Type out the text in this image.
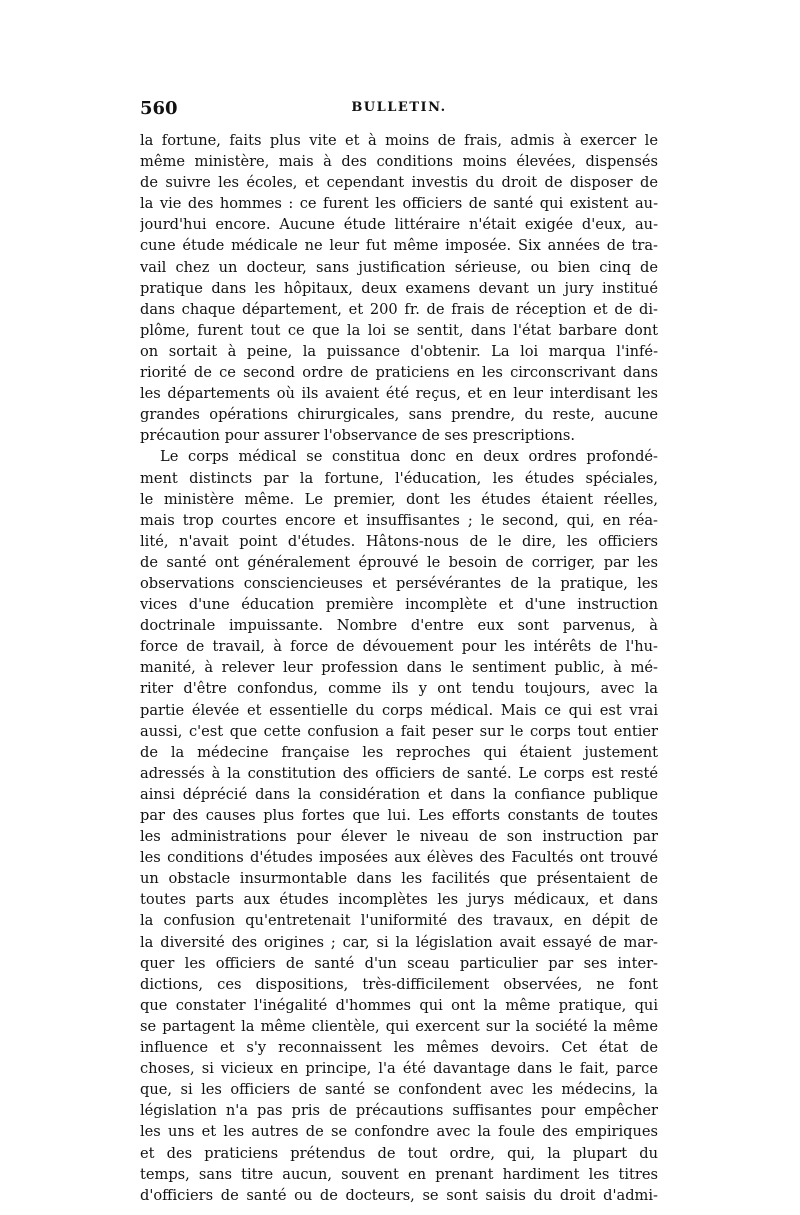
560	BULLETIN.
la fortune, faits plus vite et à moins de frais, admis à exercer le
même ministère, mais à des conditions moins élevées, dispensés
de suivre les écoles, et cependant investis du droit de disposer de
la vie des hommes : ce furent les officiers de santé qui existent au-
jourd'hui encore. Aucune étude littéraire n'était exigée d'eux, au-
cune étude médicale ne leur fut même imposée. Six années de tra-
vail chez un docteur, sans justification sérieuse, ou bien cinq de
pratique dans les hôpitaux, deux examens devant un jury institué
dans chaque département, et 200 fr. de frais de réception et de di-
plôme, furent tout ce que la loi se sentit, dans l'état barbare dont
on sortait à peine, la puissance d'obtenir. La loi marqua l'infé-
riorité de ce second ordre de praticiens en les circonscrivant dans
les départements où ils avaient été reçus, et en leur interdisant les
grandes opérations chirurgicales, sans prendre, du reste, aucune
précaution pour assurer l'observance de ses prescriptions.
Le corps médical se constitua donc en deux ordres profondé-
ment distincts par la fortune, l'éducation, les études spéciales,
le ministère même. Le premier, dont les études étaient réelles,
mais trop courtes encore et insuffisantes ; le second, qui, en réa-
lité, n'avait point d'études. Hâtons-nous de le dire, les officiers
de santé ont généralement éprouvé le besoin de corriger, par les
observations consciencieuses et persévérantes de la pratique, les
vices d'une éducation première incomplète et d'une instruction
doctrinale impuissante. Nombre d'entre eux sont parvenus, à
force de travail, à force de dévouement pour les intérêts de l'hu-
manité, à relever leur profession dans le sentiment public, à mé-
riter d'être confondus, comme ils y ont tendu toujours, avec la
partie élevée et essentielle du corps médical. Mais ce qui est vrai
aussi, c'est que cette confusion a fait peser sur le corps tout entier
de la médecine française les reproches qui étaient justement
adressés à la constitution des officiers de santé. Le corps est resté
ainsi déprécié dans la considération et dans la confiance publique
par des causes plus fortes que lui. Les efforts constants de toutes
les administrations pour élever le niveau de son instruction par
les conditions d'études imposées aux élèves des Facultés ont trouvé
un obstacle insurmontable dans les facilités que présentaient de
toutes parts aux études incomplètes les jurys médicaux, et dans
la confusion qu'entretenait l'uniformité des travaux, en dépit de
la diversité des origines ; car, si la législation avait essayé de mar-
quer les officiers de santé d'un sceau particulier par ses inter-
dictions, ces dispositions, très-difficilement observées, ne font
que constater l'inégalité d'hommes qui ont la même pratique, qui
se partagent la même clientèle, qui exercent sur la société la même
influence et s'y reconnaissent les mêmes devoirs. Cet état de
choses, si vicieux en principe, l'a été davantage dans le fait, parce
que, si les officiers de santé se confondent avec les médecins, la
législation n'a pas pris de précautions suffisantes pour empêcher
les uns et les autres de se confondre avec la foule des empiriques
et des praticiens prétendus de tout ordre, qui, la plupart du
temps, sans titre aucun, souvent en prenant hardiment les titres
d'officiers de santé ou de docteurs, se sont saisis du droit d'admi-
